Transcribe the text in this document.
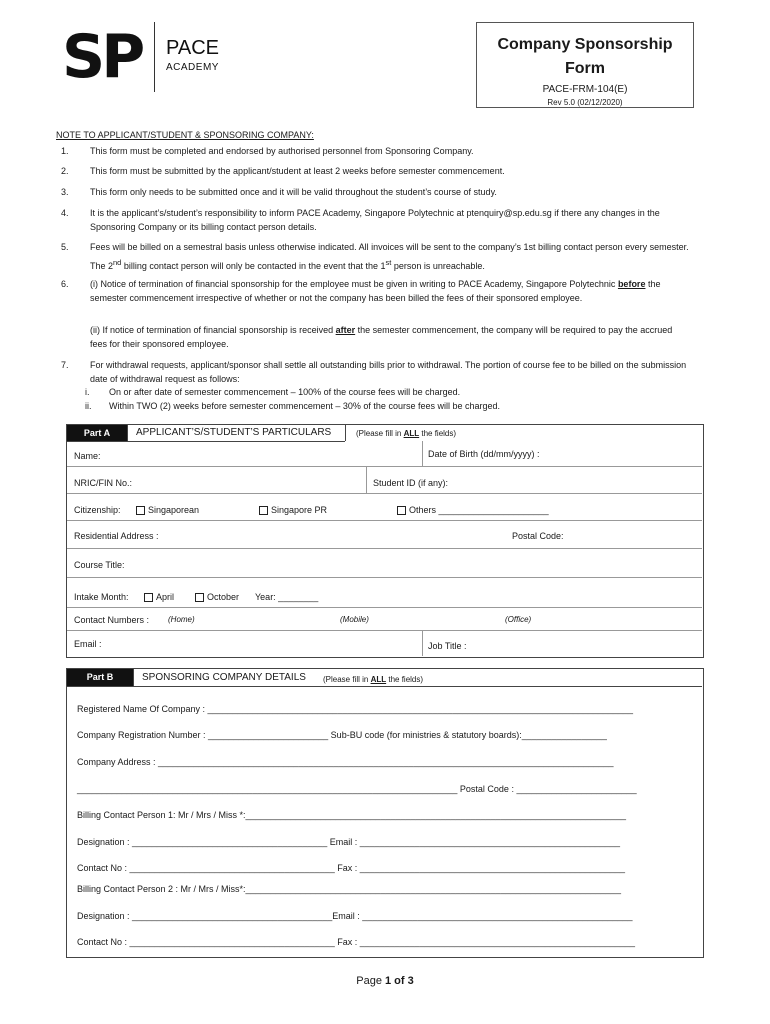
SP PACE
ACADEMY
Company Sponsorship
Form
PACE-FRM-104(E)
Rev 5.0 (02/12/2020)
NOTE TO APPLICANT/STUDENT & SPONSORING COMPANY:
1. This form must be completed and endorsed by authorised personnel from Sponsoring Company.
2. This form must be submitted by the applicant/student at least 2 weeks before semester commencement.
3. This form only needs to be submitted once and it will be valid throughout the student’s course of study.
4. It is the applicant’s/student’s responsibility to inform PACE Academy, Singapore Polytechnic at ptenquiry@sp.edu.sg if there any changes in the Sponsoring Company or its billing contact person details.
5. Fees will be billed on a semestral basis unless otherwise indicated. All invoices will be sent to the company’s 1st billing contact person every semester. The 2nd billing contact person will only be contacted in the event that the 1st person is unreachable.
6. (i) Notice of termination of financial sponsorship for the employee must be given in writing to PACE Academy, Singapore Polytechnic before the semester commencement irrespective of whether or not the company has been billed the fees of their sponsored employee.
(ii) If notice of termination of financial sponsorship is received after the semester commencement, the company will be required to pay the accrued fees for their sponsored employee.
7. For withdrawal requests, applicant/sponsor shall settle all outstanding bills prior to withdrawal. The portion of course fee to be billed on the submission date of withdrawal request as follows:
i. On or after date of semester commencement – 100% of the course fees will be charged.
ii. Within TWO (2) weeks before semester commencement – 30% of the course fees will be charged.
Part A	APPLICANT’S/STUDENT’S PARTICULARS	(Please fill in ALL the fields)
Name:	Date of Birth (dd/mm/yyyy) :
NRIC/FIN No.:	Student ID (if any):
Citizenship:	Singaporean	Singapore PR	Others ______________________
Residential Address :	Postal Code:
Course Title:
Intake Month:	April	October Year: ________
Contact Numbers : (Home)	(Mobile)	(Office)
Email :	Job Title :
Part B	SPONSORING COMPANY DETAILS (Please fill in ALL the fields)
Registered Name Of Company : _____________________________________________________________________________________
Company Registration Number : ________________________ Sub-BU code (for ministries & statutory boards):_________________
Company Address : ___________________________________________________________________________________________
____________________________________________________________________________ Postal Code : ________________________
Billing Contact Person 1: Mr / Mrs / Miss *:____________________________________________________________________________
Designation : _______________________________________ Email : ____________________________________________________
Contact No : _________________________________________ Fax : _____________________________________________________
Billing Contact Person 2 : Mr / Mrs / Miss*:___________________________________________________________________________
Designation : ________________________________________Email : ______________________________________________________
Contact No : _________________________________________ Fax : _______________________________________________________
Page 1 of 3
